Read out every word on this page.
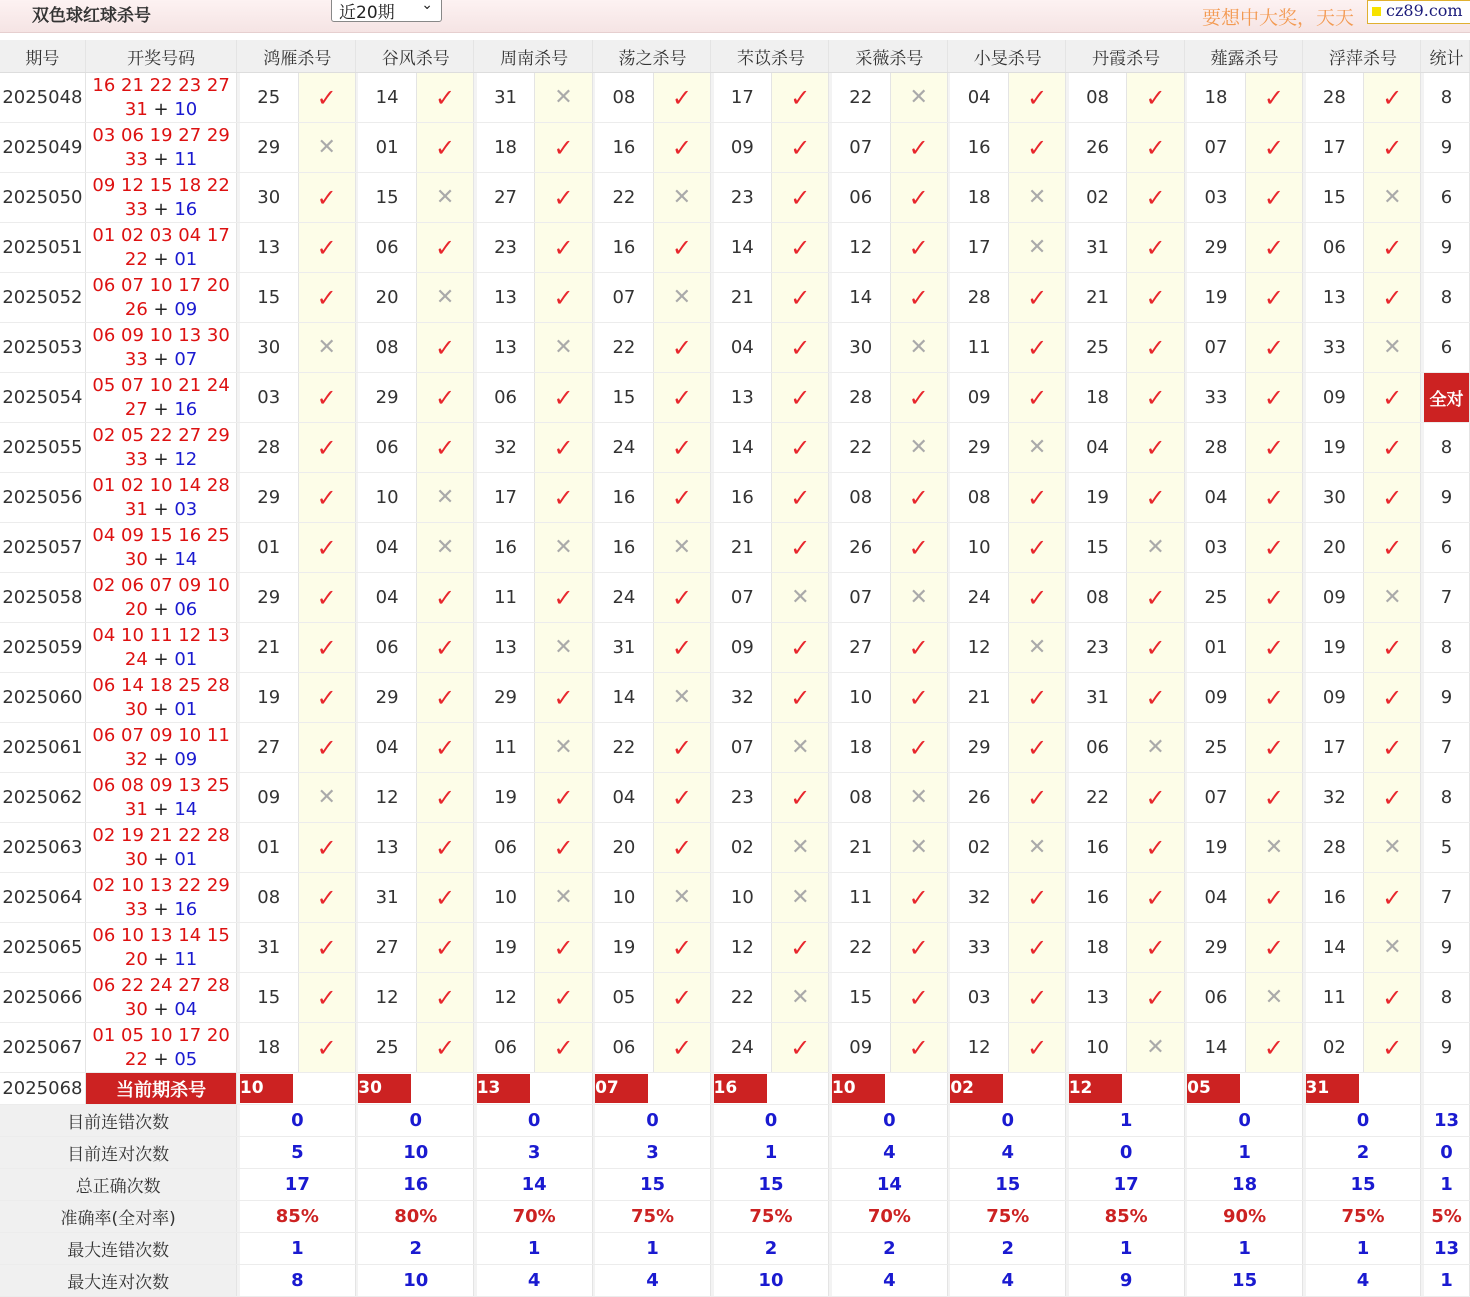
双色球红球杀号	近20期 ⌄
要想中大奖，天天 cz89.com
期号	开奖号码		鸿雁杀号			谷风杀号			周南杀号			荡之杀号			芣苡杀号			采薇杀号			小旻杀号			丹霞杀号			薤露杀号			浮萍杀号			统计
2025048	16 21 22 23 27
31 + 10		25	✓		14	✓		31	✕		08	✓		17	✓		22	✕		04	✓		08	✓		18	✓		28	✓		8
2025049	03 06 19 27 29
33 + 11		29	✕		01	✓		18	✓		16	✓		09	✓		07	✓		16	✓		26	✓		07	✓		17	✓		9
2025050	09 12 15 18 22
33 + 16		30	✓		15	✕		27	✓		22	✕		23	✓		06	✓		18	✕		02	✓		03	✓		15	✕		6
2025051	01 02 03 04 17
22 + 01		13	✓		06	✓		23	✓		16	✓		14	✓		12	✓		17	✕		31	✓		29	✓		06	✓		9
2025052	06 07 10 17 20
26 + 09		15	✓		20	✕		13	✓		07	✕		21	✓		14	✓		28	✓		21	✓		19	✓		13	✓		8
2025053	06 09 10 13 30
33 + 07		30	✕		08	✓		13	✕		22	✓		04	✓		30	✕		11	✓		25	✓		07	✓		33	✕		6
2025054	05 07 10 21 24
27 + 16		03	✓		29	✓		06	✓		15	✓		13	✓		28	✓		09	✓		18	✓		33	✓		09	✓		全对
2025055	02 05 22 27 29
33 + 12		28	✓		06	✓		32	✓		24	✓		14	✓		22	✕		29	✕		04	✓		28	✓		19	✓		8
2025056	01 02 10 14 28
31 + 03		29	✓		10	✕		17	✓		16	✓		16	✓		08	✓		08	✓		19	✓		04	✓		30	✓		9
2025057	04 09 15 16 25
30 + 14		01	✓		04	✕		16	✕		16	✕		21	✓		26	✓		10	✓		15	✕		03	✓		20	✓		6
2025058	02 06 07 09 10
20 + 06		29	✓		04	✓		11	✓		24	✓		07	✕		07	✕		24	✓		08	✓		25	✓		09	✕		7
2025059	04 10 11 12 13
24 + 01		21	✓		06	✓		13	✕		31	✓		09	✓		27	✓		12	✕		23	✓		01	✓		19	✓		8
2025060	06 14 18 25 28
30 + 01		19	✓		29	✓		29	✓		14	✕		32	✓		10	✓		21	✓		31	✓		09	✓		09	✓		9
2025061	06 07 09 10 11
32 + 09		27	✓		04	✓		11	✕		22	✓		07	✕		18	✓		29	✓		06	✕		25	✓		17	✓		7
2025062	06 08 09 13 25
31 + 14		09	✕		12	✓		19	✓		04	✓		23	✓		08	✕		26	✓		22	✓		07	✓		32	✓		8
2025063	02 19 21 22 28
30 + 01		01	✓		13	✓		06	✓		20	✓		02	✕		21	✕		02	✕		16	✓		19	✕		28	✕		5
2025064	02 10 13 22 29
33 + 16		08	✓		31	✓		10	✕		10	✕		10	✕		11	✓		32	✓		16	✓		04	✓		16	✓		7
2025065	06 10 13 14 15
20 + 11		31	✓		27	✓		19	✓		19	✓		12	✓		22	✓		33	✓		18	✓		29	✓		14	✕		9
2025066	06 22 24 27 28
30 + 04		15	✓		12	✓		12	✓		05	✓		22	✕		15	✓		03	✓		13	✓		06	✕		11	✓		8
2025067	01 05 10 17 20
22 + 05		18	✓		25	✓		06	✓		06	✓		24	✓		09	✓		12	✓		10	✕		14	✓		02	✓		9
2025068	当前期杀号		10			30			13			07			16			10			02			12			05			31			
目前连错次数			0			0			0			0			0			0			0			1			0			0			13
目前连对次数			5			10			3			3			1			4			4			0			1			2			0
总正确次数			17			16			14			15			15			14			15			17			18			15			1
准确率(全对率)			85%			80%			70%			75%			75%			70%			75%			85%			90%			75%			5%
最大连错次数			1			2			1			1			2			2			2			1			1			1			13
最大连对次数			8			10			4			4			10			4			4			9			15			4			1
